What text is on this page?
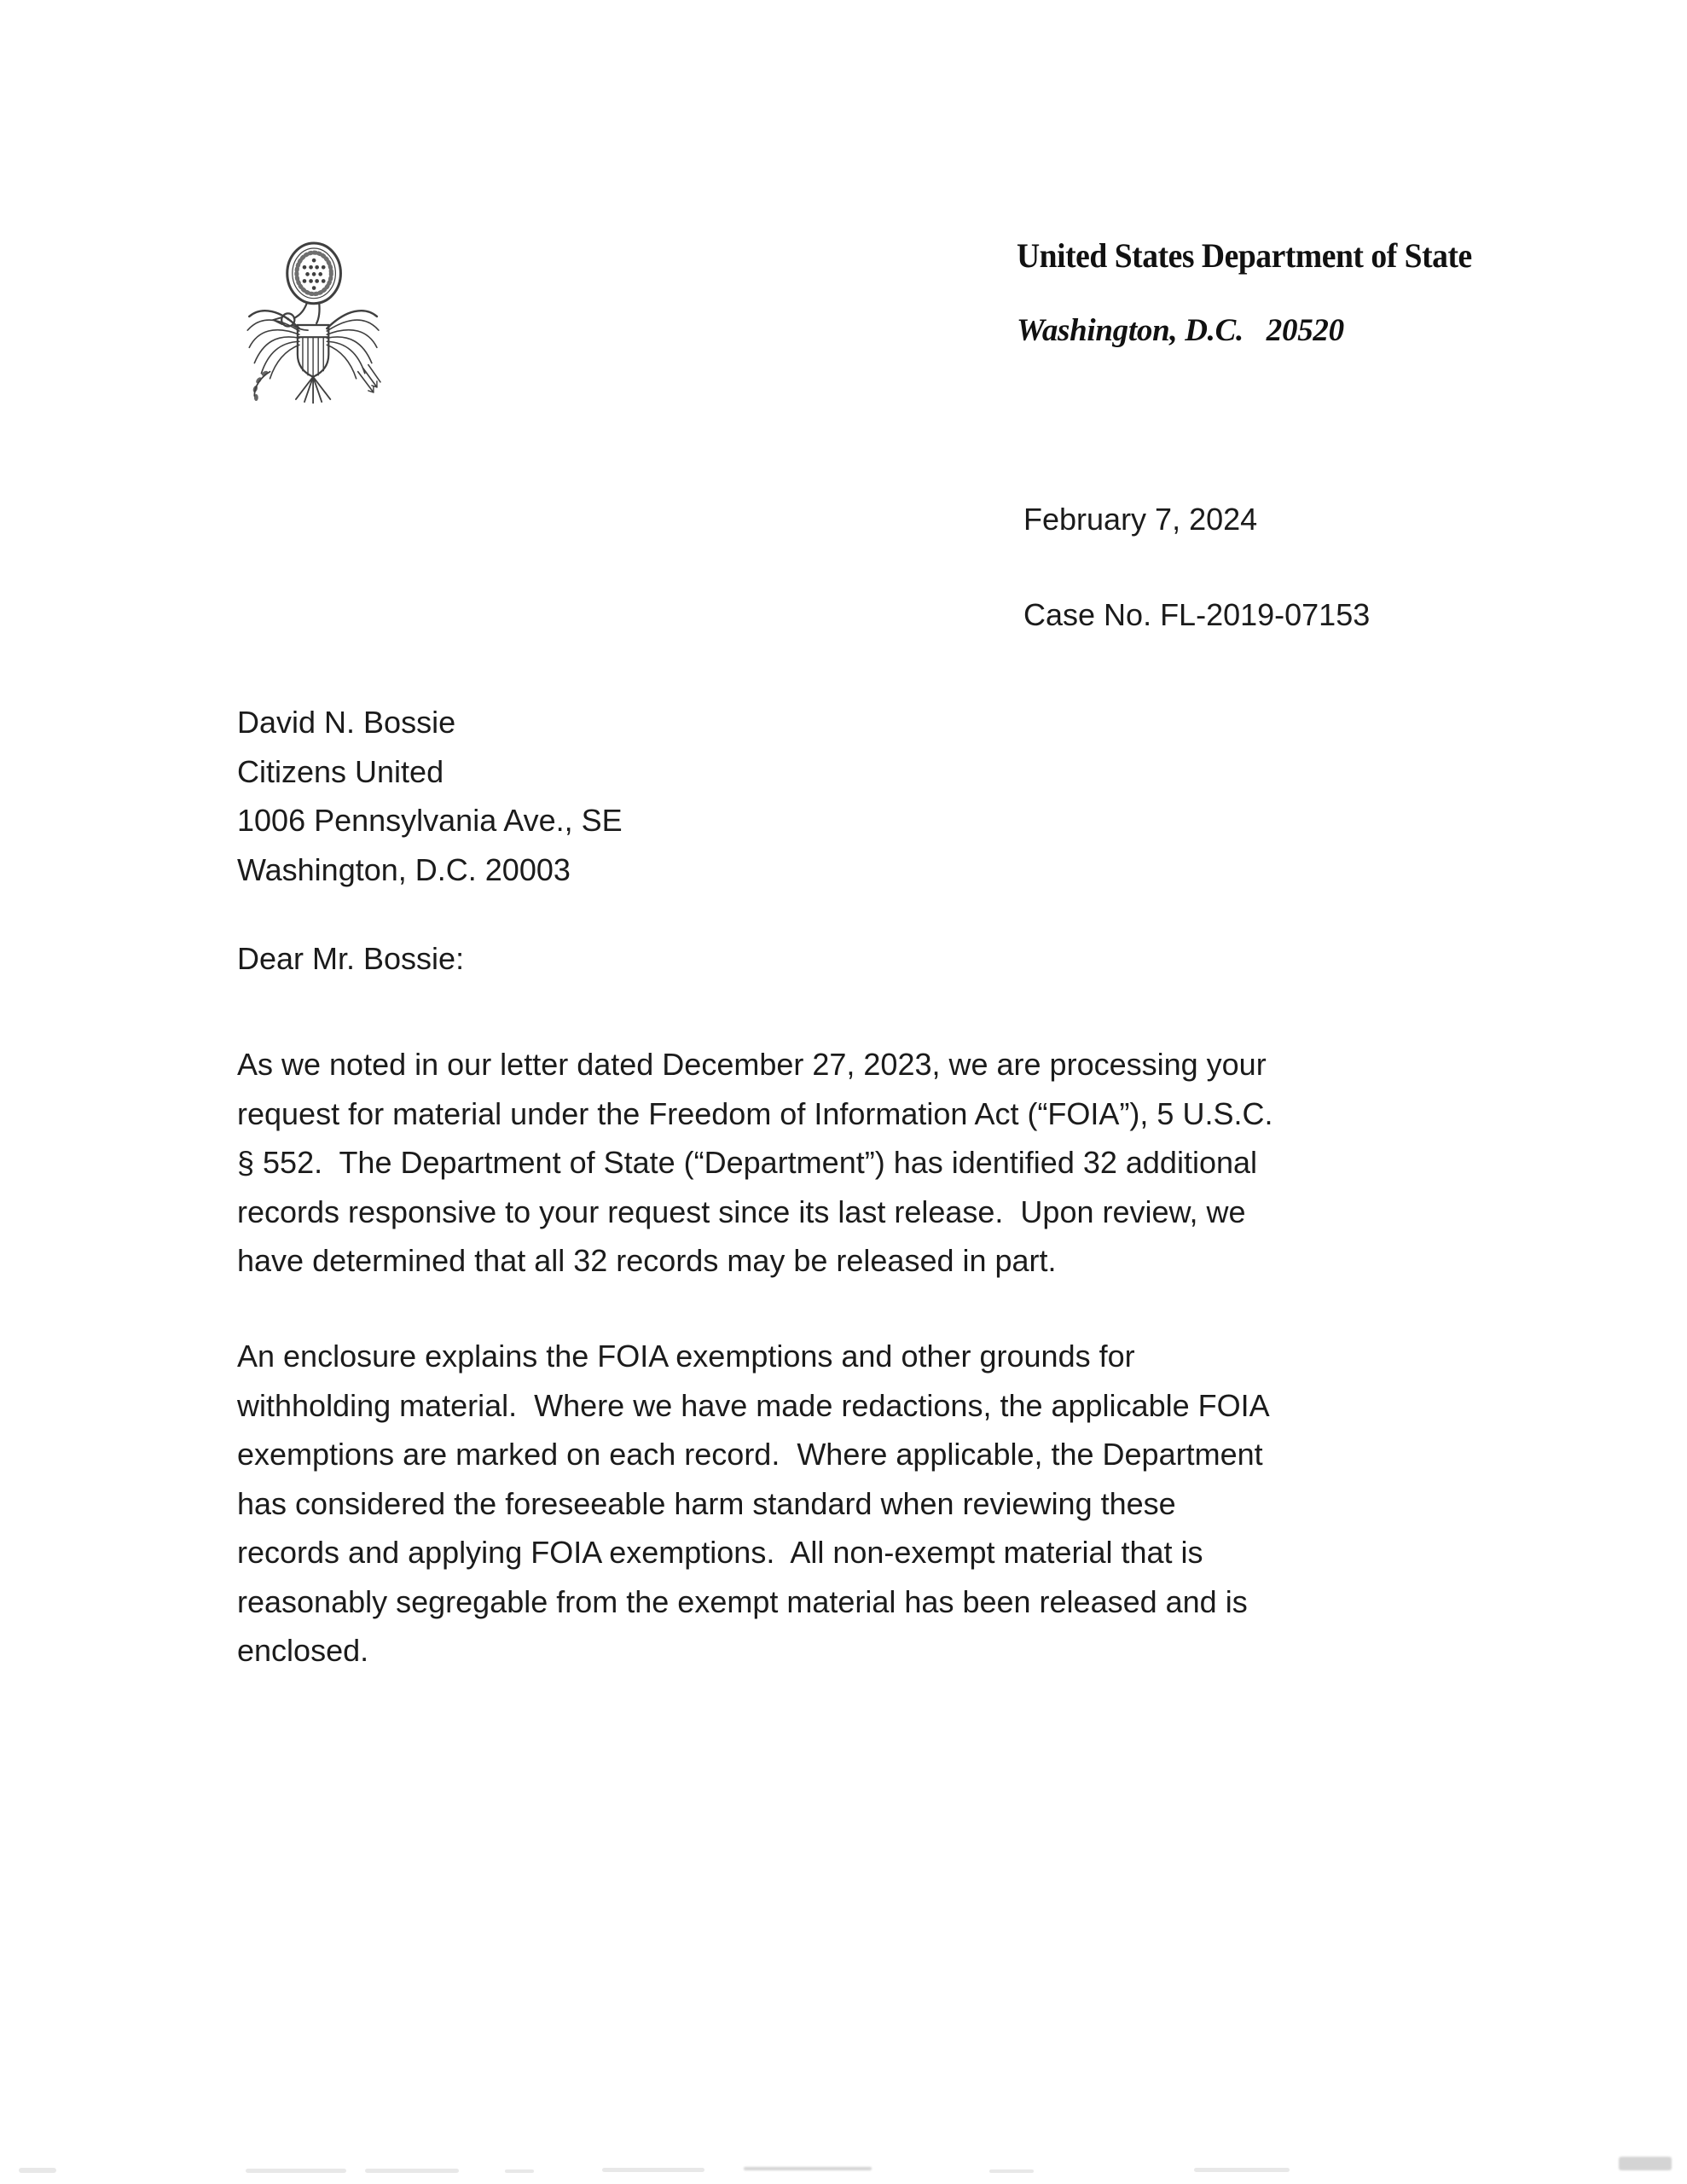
United States Department of State
Washington, D.C.   20520
February 7, 2024
Case No. FL-2019-07153
David N. Bossie
Citizens United
1006 Pennsylvania Ave., SE
Washington, D.C. 20003
Dear Mr. Bossie:
As we noted in our letter dated December 27, 2023, we are processing your
request for material under the Freedom of Information Act (“FOIA”), 5 U.S.C.
§ 552.  The Department of State (“Department”) has identified 32 additional
records responsive to your request since its last release.  Upon review, we
have determined that all 32 records may be released in part.
An enclosure explains the FOIA exemptions and other grounds for
withholding material.  Where we have made redactions, the applicable FOIA
exemptions are marked on each record.  Where applicable, the Department
has considered the foreseeable harm standard when reviewing these
records and applying FOIA exemptions.  All non-exempt material that is
reasonably segregable from the exempt material has been released and is
enclosed.
